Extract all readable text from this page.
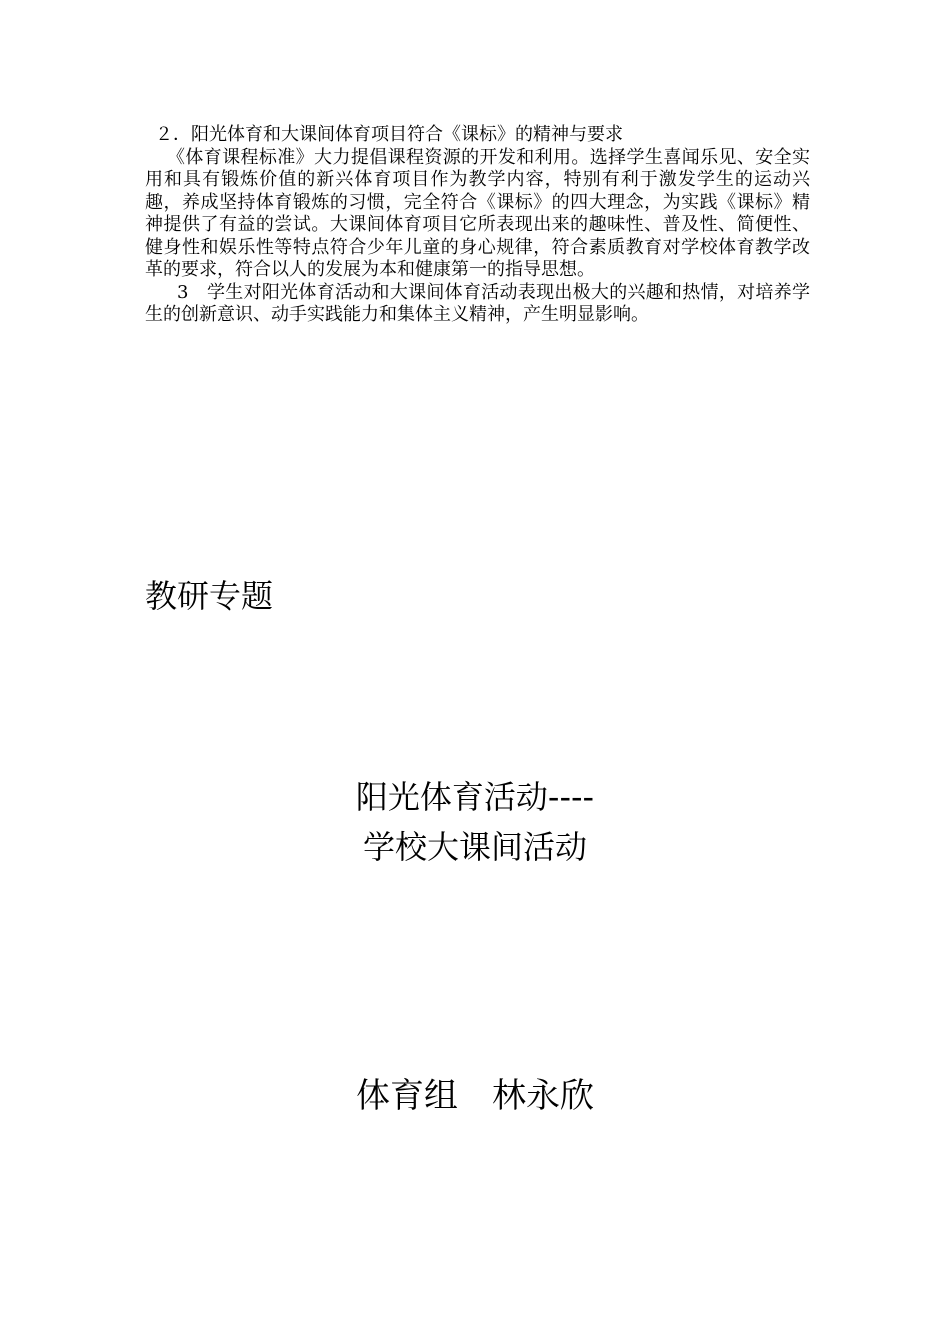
２．阳光体育和大课间体育项目符合《课标》的精神与要求

《体育课程标准》大力提倡课程资源的开发和利用。选择学生喜闻乐见、安全实用和具有锻炼价值的新兴体育项目作为教学内容，特别有利于激发学生的运动兴趣，养成坚持体育锻炼的习惯，完全符合《课标》的四大理念，为实践《课标》精神提供了有益的尝试。大课间体育项目它所表现出来的趣味性、普及性、简便性、健身性和娱乐性等特点符合少年儿童的身心规律，符合素质教育对学校体育教学改革的要求，符合以人的发展为本和健康第一的指导思想。

3　学生对阳光体育活动和大课间体育活动表现出极大的兴趣和热情，对培养学生的创新意识、动手实践能力和集体主义精神，产生明显影响。

教研专题
阳光体育活动----
学校大课间活动
体育组　林永欣
